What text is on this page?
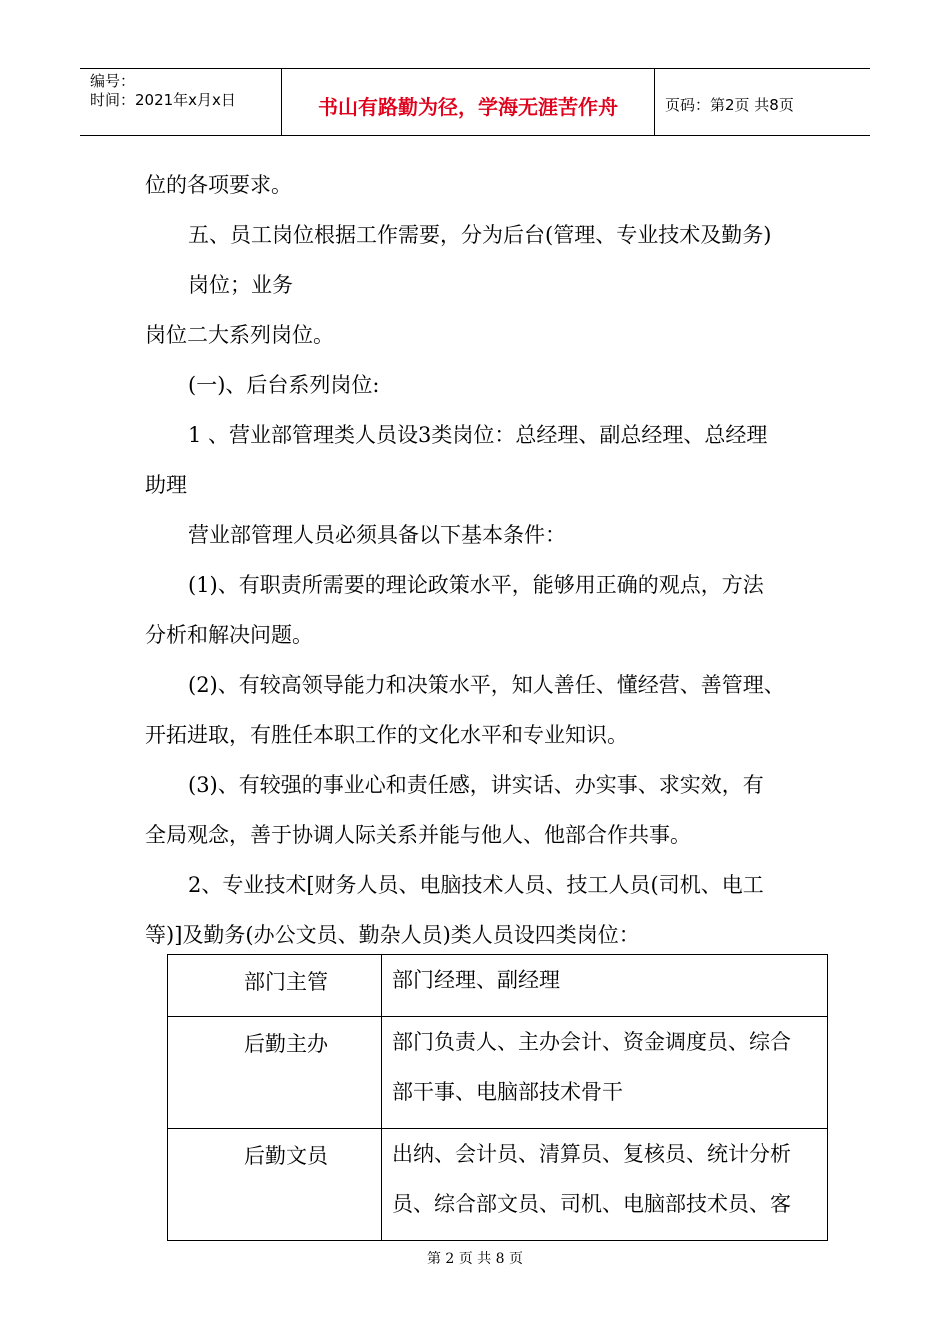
编号：
时间：2021年x月x日	书山有路勤为径，学海无涯苦作舟	页码：第2页 共8页
位的各项要求。
五、员工岗位根据工作需要，分为后台(管理、专业技术及勤务)
岗位；业务
岗位二大系列岗位。
(一)、后台系列岗位:
1 、营业部管理类人员设3类岗位：总经理、副总经理、总经理
助理
营业部管理人员必须具备以下基本条件：
(1)、有职责所需要的理论政策水平，能够用正确的观点，方法
分析和解决问题。
(2)、有较高领导能力和决策水平，知人善任、懂经营、善管理、
开拓进取，有胜任本职工作的文化水平和专业知识。
(3)、有较强的事业心和责任感，讲实话、办实事、求实效，有
全局观念，善于协调人际关系并能与他人、他部合作共事。
2、专业技术[财务人员、电脑技术人员、技工人员(司机、电工
等)]及勤务(办公文员、勤杂人员)类人员设四类岗位：
部门主管	部门经理、副经理

后勤主办	部门负责人、主办会计、资金调度员、综合
部干事、电脑部技术骨干

后勤文员	出纳、会计员、清算员、复核员、统计分析
员、综合部文员、司机、电脑部技术员、客
第 2 页 共 8 页
